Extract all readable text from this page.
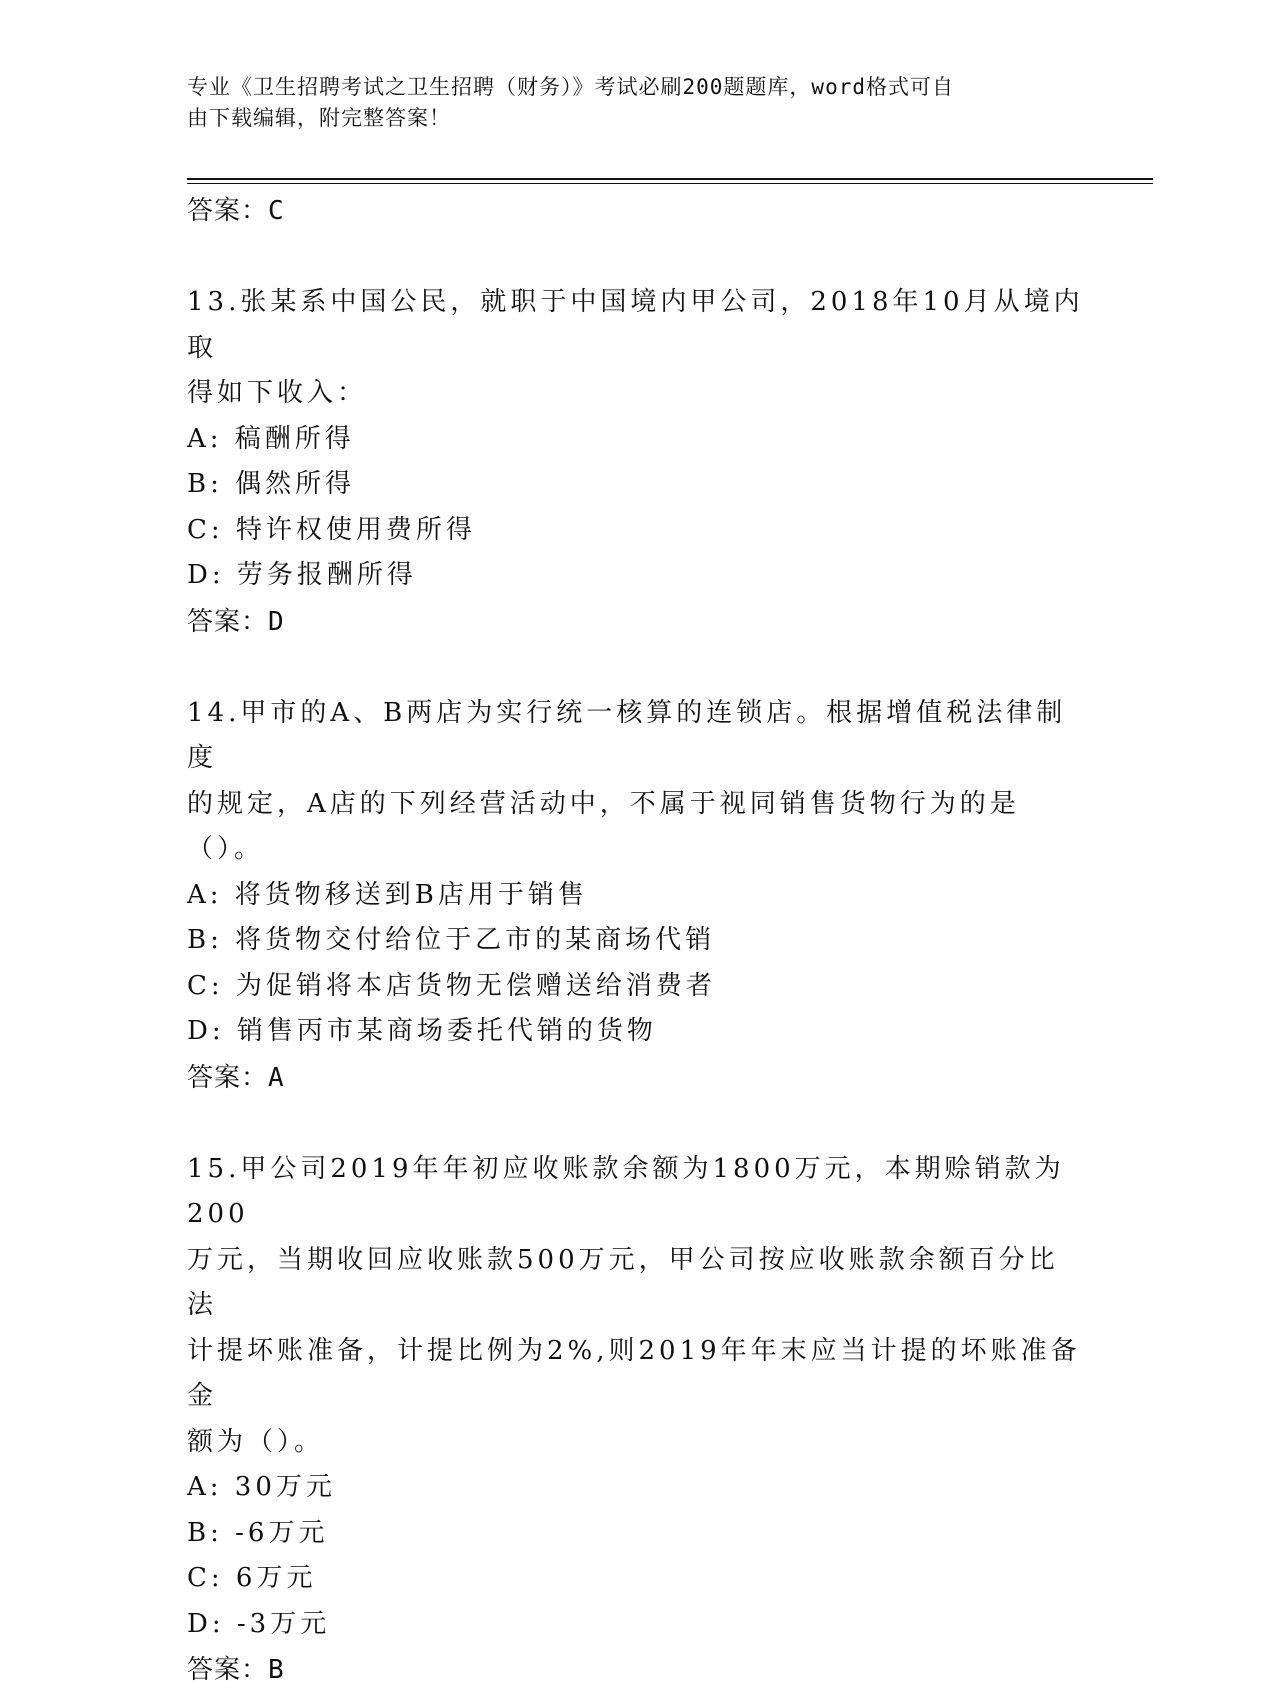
专业《卫生招聘考试之卫生招聘（财务）》考试必刷200题题库，word格式可自
由下载编辑，附完整答案！
答案：C

13.张某系中国公民，就职于中国境内甲公司，2018年10月从境内取

得如下收入：

A: 稿酬所得

B: 偶然所得

C: 特许权使用费所得

D: 劳务报酬所得

答案：D

14.甲市的A、B两店为实行统一核算的连锁店。根据增值税法律制度

的规定，A店的下列经营活动中，不属于视同销售货物行为的是（）。

A: 将货物移送到B店用于销售

B: 将货物交付给位于乙市的某商场代销

C: 为促销将本店货物无偿赠送给消费者

D: 销售丙市某商场委托代销的货物

答案：A

15.甲公司2019年年初应收账款余额为1800万元，本期赊销款为200

万元，当期收回应收账款500万元，甲公司按应收账款余额百分比法

计提坏账准备，计提比例为2%,则2019年年末应当计提的坏账准备金

额为（）。

A: 30万元

B: -6万元

C: 6万元

D: -3万元

答案：B
